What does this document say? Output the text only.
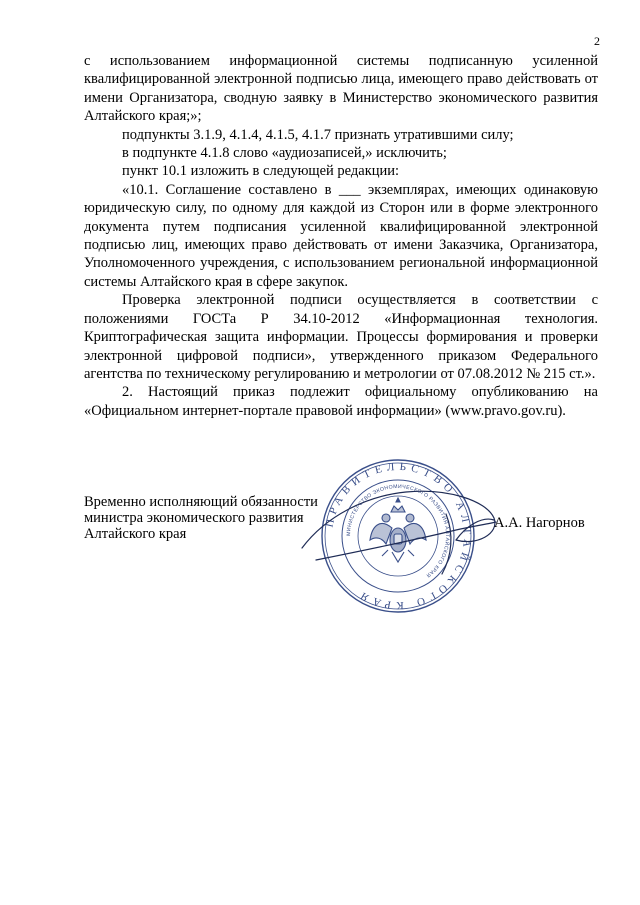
2

с использованием информационной системы подписанную усиленной квалифицированной электронной подписью лица, имеющего право действовать от имени Организатора, сводную заявку в Министерство экономического развития Алтайского края;»;

подпункты 3.1.9, 4.1.4, 4.1.5, 4.1.7 признать утратившими силу;

в подпункте 4.1.8 слово «аудиозаписей,» исключить;

пункт 10.1 изложить в следующей редакции:

«10.1. Соглашение составлено в ___ экземплярах, имеющих одинаковую юридическую силу, по одному для каждой из Сторон или в форме электронного документа путем подписания усиленной квалифицированной электронной подписью лиц, имеющих право действовать от имени Заказчика, Организатора, Уполномоченного учреждения, с использованием региональной информационной системы Алтайского края в сфере закупок.

Проверка электронной подписи осуществляется в соответствии с положениями ГОСТа Р 34.10-2012 «Информационная технология. Криптографическая защита информации. Процессы формирования и проверки электронной цифровой подписи», утвержденного приказом Федерального агентства по техническому регулированию и метрологии от 07.08.2012 № 215 ст.».

2. Настоящий приказ подлежит официальному опубликованию на «Официальном интернет-портале правовой информации» (www.pravo.gov.ru).

Временно исполняющий обязанности
министра экономического развития
Алтайского края
ПРАВИТЕЛЬСТВО АЛТАЙСКОГО КРАЯ
МИНИСТЕРСТВО ЭКОНОМИЧЕСКОГО РАЗВИТИЯ АЛТАЙСКОГО КРАЯ
А.А. Нагорнов
